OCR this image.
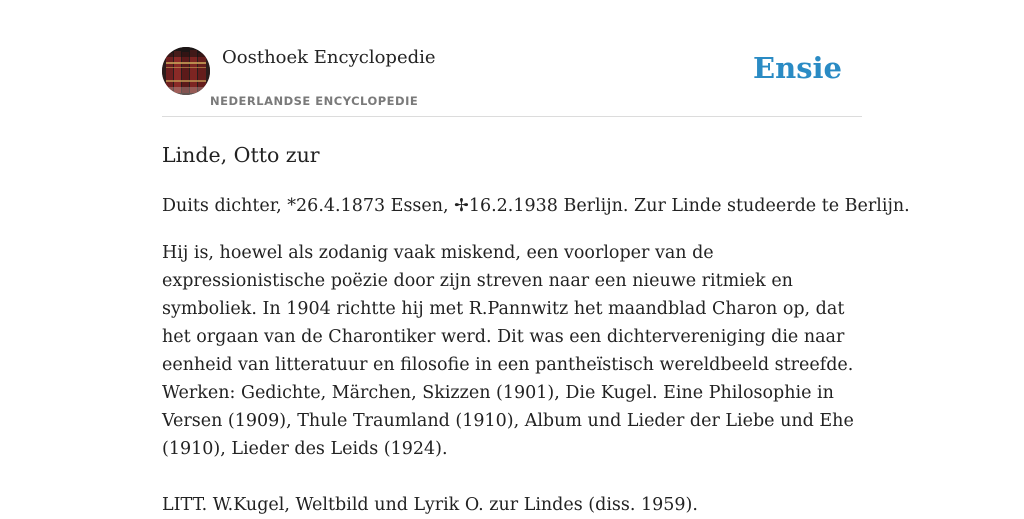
Oosthoek Encyclopedie
NEDERLANDSE ENCYCLOPEDIE
Ensie
Linde, Otto zur

Duits dichter, *26.4.1873 Essen, ✢16.2.1938 Berlijn. Zur Linde studeerde te Berlijn.

Hij is, hoewel als zodanig vaak miskend, een voorloper van de expressionistische poëzie door zijn streven naar een nieuwe ritmiek en symboliek. In 1904 richtte hij met R.Pannwitz het maandblad Charon op, dat het orgaan van de Charontiker werd. Dit was een dichtervereniging die naar eenheid van litteratuur en filosofie in een pantheïstisch wereldbeeld streefde. Werken: Gedichte, Märchen, Skizzen (1901), Die Kugel. Eine Philosophie in Versen (1909), Thule Traumland (1910), Album und Lieder der Liebe und Ehe (1910), Lieder des Leids (1924).

LITT. W.Kugel, Weltbild und Lyrik O. zur Lindes (diss. 1959).
